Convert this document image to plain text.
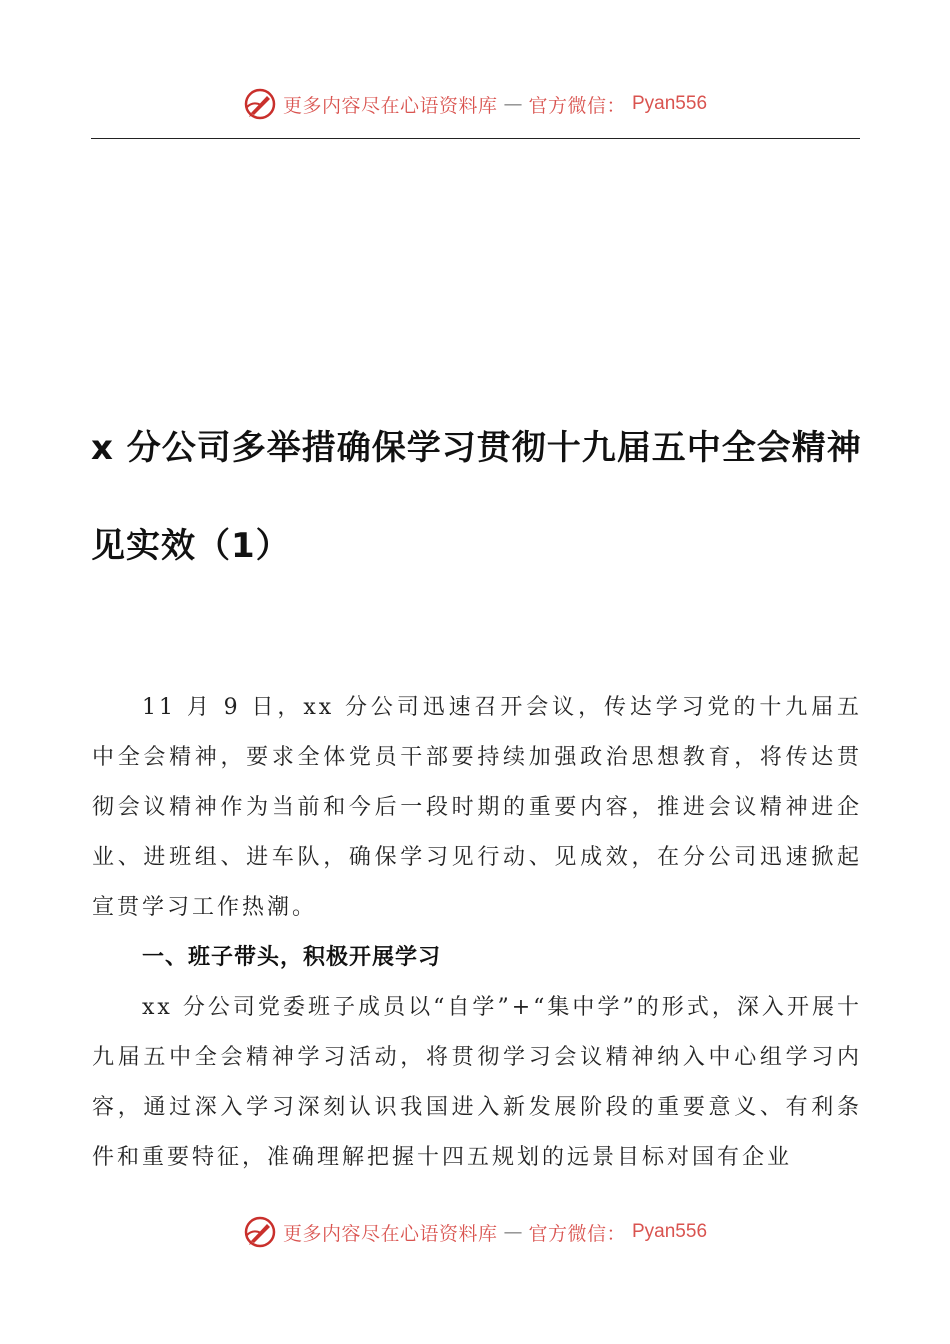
更多内容尽在心语资料库 — 官方微信： Pyan556
x 分公司多举措确保学习贯彻十九届五中全会精神
见实效（1）

11 月 9 日，xx 分公司迅速召开会议，传达学习党的十九届五中全会精神，要求全体党员干部要持续加强政治思想教育，将传达贯彻会议精神作为当前和今后一段时期的重要内容，推进会议精神进企业、进班组、进车队，确保学习见行动、见成效，在分公司迅速掀起宣贯学习工作热潮。

一、班子带头，积极开展学习

xx 分公司党委班子成员以“自学”+“集中学”的形式，深入开展十九届五中全会精神学习活动，将贯彻学习会议精神纳入中心组学习内容，通过深入学习深刻认识我国进入新发展阶段的重要意义、有利条件和重要特征，准确理解把握十四五规划的远景目标对国有企业

更多内容尽在心语资料库 — 官方微信： Pyan556
